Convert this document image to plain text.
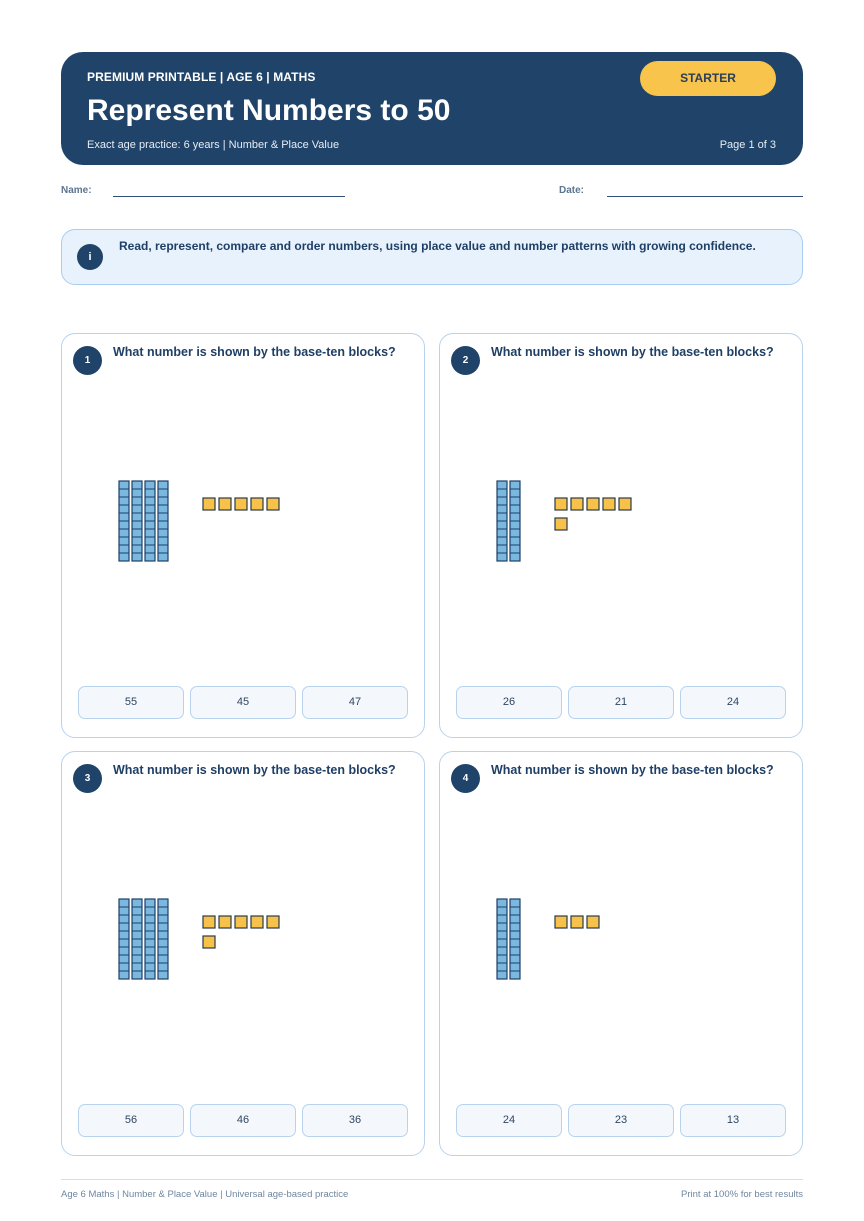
PREMIUM PRINTABLE | AGE 6 | MATHS
Represent Numbers to 50
Exact age practice: 6 years | Number & Place Value	Page 1 of 3
STARTER
Name:	Date:
i
Read, represent, compare and order numbers, using place value and number patterns with growing confidence.
1
What number is shown by the base-ten blocks?
55	45	47
2
What number is shown by the base-ten blocks?
26	21	24
3
What number is shown by the base-ten blocks?
56	46	36
4
What number is shown by the base-ten blocks?
24	23	13
Age 6 Maths | Number & Place Value | Universal age-based practice	Print at 100% for best results
